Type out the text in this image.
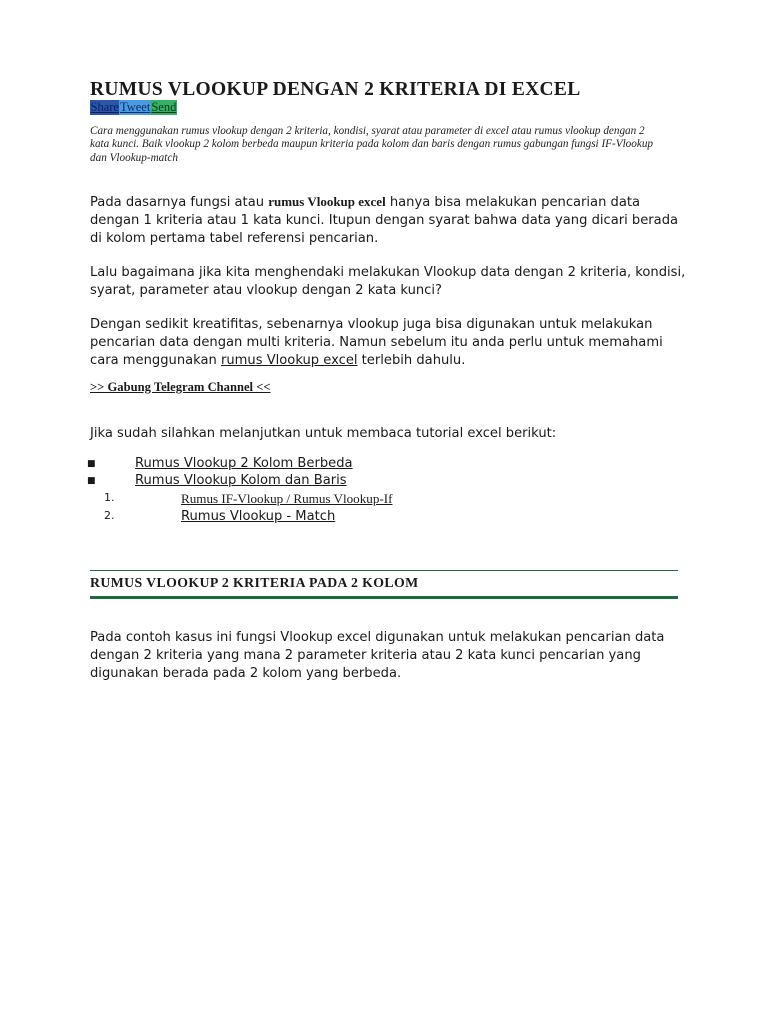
RUMUS VLOOKUP DENGAN 2 KRITERIA DI EXCEL
Share Tweet Send

Cara menggunakan rumus vlookup dengan 2 kriteria, kondisi, syarat atau parameter di excel atau rumus vlookup dengan 2 kata kunci. Baik vlookup 2 kolom berbeda maupun kriteria pada kolom dan baris dengan rumus gabungan fungsi IF-Vlookup dan Vlookup-match

Pada dasarnya fungsi atau rumus Vlookup excel hanya bisa melakukan pencarian data dengan 1 kriteria atau 1 kata kunci. Itupun dengan syarat bahwa data yang dicari berada di kolom pertama tabel referensi pencarian.

Lalu bagaimana jika kita menghendaki melakukan Vlookup data dengan 2 kriteria, kondisi, syarat, parameter atau vlookup dengan 2 kata kunci?

Dengan sedikit kreatifitas, sebenarnya vlookup juga bisa digunakan untuk melakukan pencarian data dengan multi kriteria. Namun sebelum itu anda perlu untuk memahami cara menggunakan rumus Vlookup excel terlebih dahulu.

>> Gabung Telegram Channel <<

Jika sudah silahkan melanjutkan untuk membaca tutorial excel berikut:

■	Rumus Vlookup 2 Kolom Berbeda
■	Rumus Vlookup Kolom dan Baris
1.	Rumus IF-Vlookup / Rumus Vlookup-If
2.	Rumus Vlookup - Match
RUMUS VLOOKUP 2 KRITERIA PADA 2 KOLOM

Pada contoh kasus ini fungsi Vlookup excel digunakan untuk melakukan pencarian data dengan 2 kriteria yang mana 2 parameter kriteria atau 2 kata kunci pencarian yang digunakan berada pada 2 kolom yang berbeda.
